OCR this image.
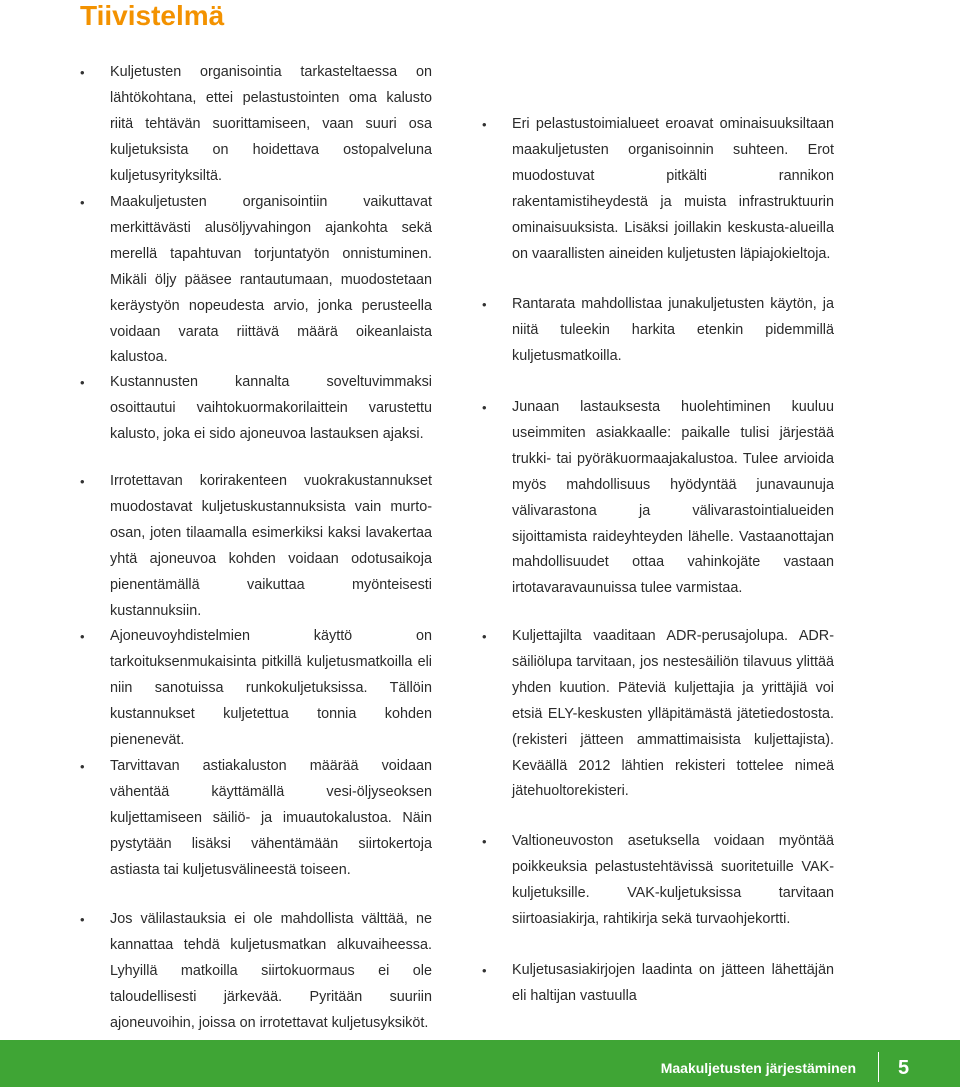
Tiivistelmä
• Kuljetusten organisointia tarkasteltaessa on lähtökohtana, ettei pelastustointen oma kalusto riitä tehtävän suorittamiseen, vaan suuri osa kuljetuksista on hoidettava ostopalveluna kuljetusyrityksiltä.
• Maakuljetusten organisointiin vaikuttavat merkittävästi alusöljyvahingon ajankohta sekä merellä tapahtuvan torjuntatyön onnistuminen. Mikäli öljy pääsee rantautumaan, muodostetaan keräystyön nopeudesta arvio, jonka perusteella voidaan varata riittävä määrä oikeanlaista kalustoa.
• Kustannusten kannalta soveltuvimmaksi osoittautui vaihtokuormakorilaittein varustettu kalusto, joka ei sido ajoneuvoa lastauksen ajaksi.
• Irrotettavan korirakenteen vuokrakustannukset muodostavat kuljetuskustannuksista vain murto-osan, joten tilaamalla esimerkiksi kaksi lavakertaa yhtä ajoneuvoa kohden voidaan odotusaikoja pienentämällä vaikuttaa myönteisesti kustannuksiin.
• Ajoneuvoyhdistelmien käyttö on tarkoituksenmukaisinta pitkillä kuljetusmatkoilla eli niin sanotuissa runkokuljetuksissa. Tällöin kustannukset kuljetettua tonnia kohden pienenevät.
• Tarvittavan astiakaluston määrää voidaan vähentää käyttämällä vesi-öljyseoksen kuljettamiseen säiliö- ja imuautokalustoa. Näin pystytään lisäksi vähentämään siirtokertoja astiasta tai kuljetusvälineestä toiseen.
• Jos välilastauksia ei ole mahdollista välttää, ne kannattaa tehdä kuljetusmatkan alkuvaiheessa. Lyhyillä matkoilla siirtokuormaus ei ole taloudellisesti järkevää. Pyritään suuriin ajoneuvoihin, joissa on irrotettavat kuljetusyksiköt.
• Eri pelastustoimialueet eroavat ominaisuuksiltaan maakuljetusten organisoinnin suhteen. Erot muodostuvat pitkälti rannikon rakentamistiheydestä ja muista infrastruktuurin ominaisuuksista. Lisäksi joillakin keskusta-alueilla on vaarallisten aineiden kuljetusten läpiajokieltoja.
• Rantarata mahdollistaa junakuljetusten käytön, ja niitä tuleekin harkita etenkin pidemmillä kuljetusmatkoilla.
• Junaan lastauksesta huolehtiminen kuuluu useimmiten asiakkaalle: paikalle tulisi järjestää trukki- tai pyöräkuormaajakalustoa. Tulee arvioida myös mahdollisuus hyödyntää junavaunuja välivarastona ja välivarastointialueiden sijoittamista raideyhteyden lähelle. Vastaanottajan mahdollisuudet ottaa vahinkojäte vastaan irtotavaravaunuissa tulee varmistaa.
• Kuljettajilta vaaditaan ADR-perusajolupa. ADR-säiliölupa tarvitaan, jos nestesäiliön tilavuus ylittää yhden kuution. Päteviä kuljettajia ja yrittäjiä voi etsiä ELY-keskusten ylläpitämästä jätetiedostosta. (rekisteri jätteen ammattimaisista kuljettajista). Keväällä 2012 lähtien rekisteri tottelee nimeä jätehuoltorekisteri.
• Valtioneuvoston asetuksella voidaan myöntää poikkeuksia pelastustehtävissä suoritetuille VAK-kuljetuksille. VAK-kuljetuksissa tarvitaan siirtoasiakirja, rahtikirja sekä turvaohjekortti.
• Kuljetusasiakirjojen laadinta on jätteen lähettäjän eli haltijan vastuulla
Maakuljetusten järjestäminen 5
